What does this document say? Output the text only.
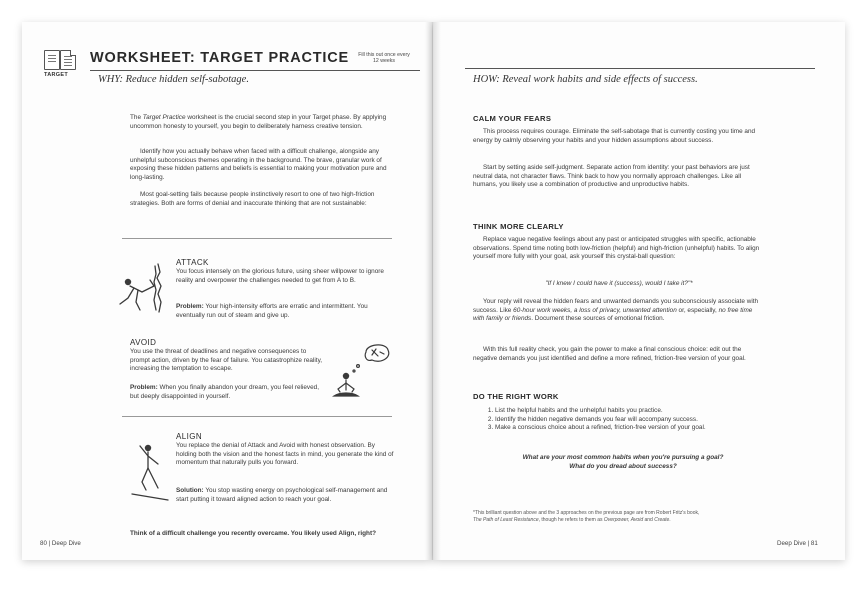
TARGET
WORKSHEET: TARGET PRACTICE	Fill this out once every 12 weeks
WHY: Reduce hidden self-sabotage.
The Target Practice worksheet is the crucial second step in your Target phase. By applying uncommon honesty to yourself, you begin to deliberately harness creative tension.
Identify how you actually behave when faced with a difficult challenge, alongside any unhelpful subconscious themes operating in the background. The brave, granular work of exposing these hidden patterns and beliefs is essential to making your motivation pure and long-lasting.
Most goal-setting fails because people instinctively resort to one of two high-friction strategies. Both are forms of denial and inaccurate thinking that are not sustainable:
ATTACK
You focus intensely on the glorious future, using sheer willpower to ignore reality and overpower the challenges needed to get from A to B.
Problem: Your high-intensity efforts are erratic and intermittent. You eventually run out of steam and give up.
AVOID
You use the threat of deadlines and negative consequences to prompt action, driven by the fear of failure. You catastrophize reality, increasing the temptation to escape.
Problem: When you finally abandon your dream, you feel relieved, but deeply disappointed in yourself.
ALIGN
You replace the denial of Attack and Avoid with honest observation. By holding both the vision and the honest facts in mind, you generate the kind of momentum that naturally pulls you forward.
Solution: You stop wasting energy on psychological self-management and start putting it toward aligned action to reach your goal.
Think of a difficult challenge you recently overcame. You likely used Align, right?
80 | Deep Dive
HOW: Reveal work habits and side effects of success.
CALM YOUR FEARS
This process requires courage. Eliminate the self-sabotage that is currently costing you time and energy by calmly observing your habits and your hidden assumptions about success.
Start by setting aside self-judgment. Separate action from identity: your past behaviors are just neutral data, not character flaws. Think back to how you normally approach challenges. Like all humans, you likely use a combination of productive and unproductive habits.
THINK MORE CLEARLY
Replace vague negative feelings about any past or anticipated struggles with specific, actionable observations. Spend time noting both low-friction (helpful) and high-friction (unhelpful) habits. To align yourself more fully with your goal, ask yourself this crystal-ball question:
"If I knew I could have it (success), would I take it?"*
Your reply will reveal the hidden fears and unwanted demands you subconsciously associate with success. Like 60-hour work weeks, a loss of privacy, unwanted attention or, especially, no free time with family or friends. Document these sources of emotional friction.
With this full reality check, you gain the power to make a final conscious choice: edit out the negative demands you just identified and define a more refined, friction-free version of your goal.
DO THE RIGHT WORK
1. List the helpful habits and the unhelpful habits you practice.
2. Identify the hidden negative demands you fear will accompany success.
3. Make a conscious choice about a refined, friction-free version of your goal.
What are your most common habits when you're pursuing a goal?
What do you dread about success?
*This brilliant question above and the 3 approaches on the previous page are from Robert Fritz's book,
The Path of Least Resistance, though he refers to them as Overpower, Avoid and Create.
Deep Dive | 81
